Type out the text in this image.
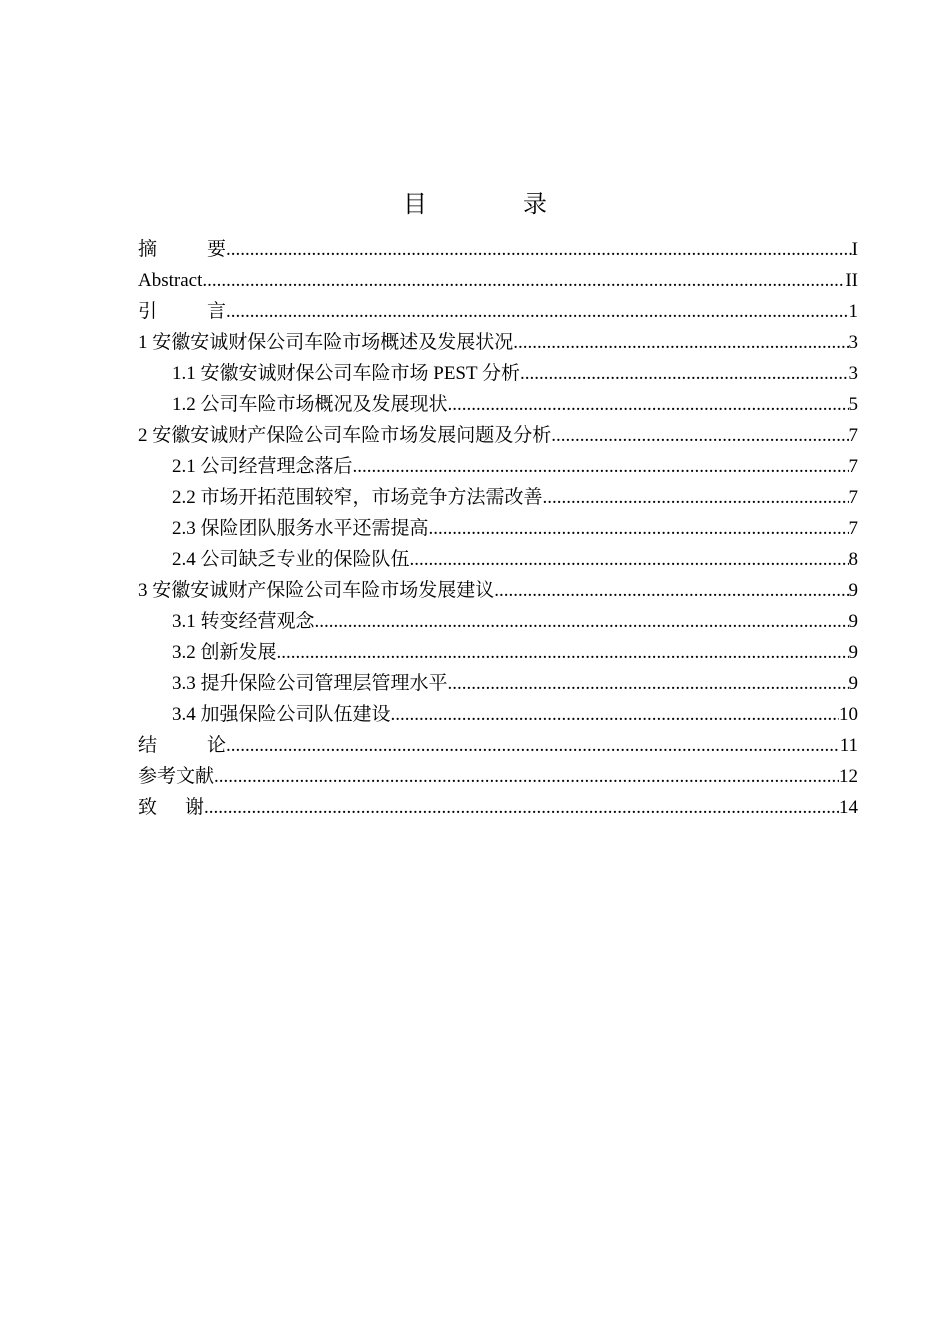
目　录
摘　要 .....	I
Abstract .....	II
引　言 .....	1
1 安徽安诚财保公司车险市场概述及发展状况 .....	3
1.1 安徽安诚财保公司车险市场 PEST 分析 .....	3
1.2 公司车险市场概况及发展现状 .....	5
2 安徽安诚财产保险公司车险市场发展问题及分析 .....	7
2.1 公司经营理念落后 .....	7
2.2 市场开拓范围较窄，市场竞争方法需改善 .....	7
2.3 保险团队服务水平还需提高 .....	7
2.4 公司缺乏专业的保险队伍 .....	8
3 安徽安诚财产保险公司车险市场发展建议 .....	9
3.1 转变经营观念 .....	9
3.2 创新发展 .....	9
3.3 提升保险公司管理层管理水平 .....	9
3.4 加强保险公司队伍建设 .....	10
结　论 .....	11
参考文献 .....	12
致　谢 .....	14
